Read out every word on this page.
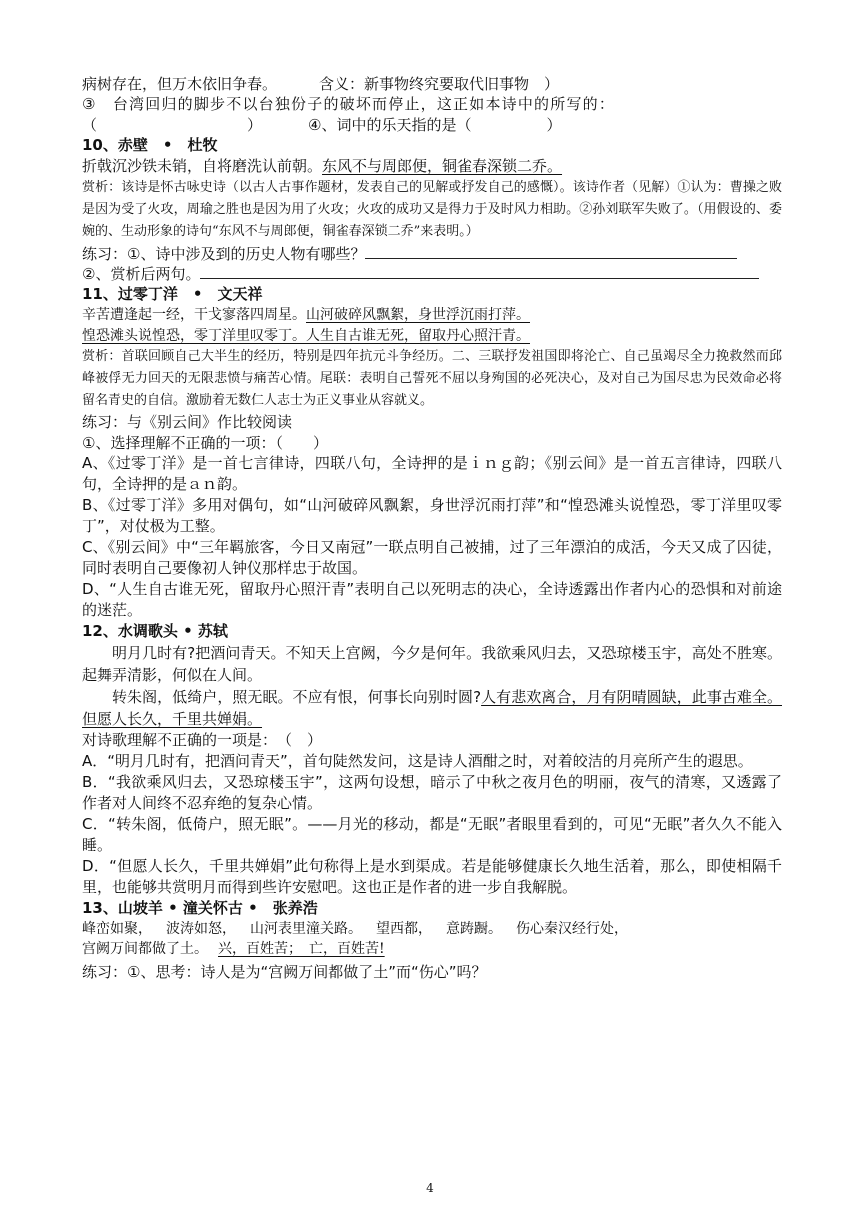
病树存在，但万木依旧争春。	含义：新事物终究要取代旧事物　）

③　台湾回归的脚步不以台独份子的破坏而停止，这正如本诗中的所写的：

（　　　　　　　　　　）	④、词中的乐天指的是（　　　　　）

10、赤壁　•　杜牧

折戟沉沙铁未销，自将磨洗认前朝。东风不与周郎便，铜雀春深锁二乔。

赏析：该诗是怀古咏史诗（以古人古事作题材，发表自己的见解或抒发自己的感慨）。该诗作者（见解）①认为：曹操之败是因为受了火攻，周瑜之胜也是因为用了火攻；火攻的成功又是得力于及时风力相助。②孙刘联军失败了。（用假设的、委婉的、生动形象的诗句“东风不与周郎便，铜雀春深锁二乔”来表明。）

练习：①、诗中涉及到的历史人物有哪些？

②、赏析后两句。

11、过零丁洋　•　文天祥

辛苦遭逢起一经，干戈寥落四周星。山河破碎风飘絮，身世浮沉雨打萍。

惶恐滩头说惶恐，零丁洋里叹零丁。人生自古谁无死，留取丹心照汗青。

赏析：首联回顾自己大半生的经历，特别是四年抗元斗争经历。二、三联抒发祖国即将沦亡、自己虽竭尽全力挽救然而邱峰被俘无力回天的无限悲愤与痛苦心情。尾联：表明自己誓死不屈以身殉国的必死决心，及对自己为国尽忠为民效命必将留名青史的自信。激励着无数仁人志士为正义事业从容就义。

练习：与《别云间》作比较阅读

①、选择理解不正确的一项：（　　）

A、《过零丁洋》是一首七言律诗，四联八句，全诗押的是ｉｎｇ韵；《别云间》是一首五言律诗，四联八句，全诗押的是ａｎ韵。

B、《过零丁洋》多用对偶句，如“山河破碎风飘絮，身世浮沉雨打萍”和“惶恐滩头说惶恐，零丁洋里叹零丁”，对仗极为工整。

C、《别云间》中“三年羁旅客，今日又南冠”一联点明自己被捕，过了三年漂泊的成活，今天又成了囚徒，同时表明自己要像初人钟仪那样忠于故国。

D、“人生自古谁无死，留取丹心照汗青”表明自己以死明志的决心，全诗透露出作者内心的恐惧和对前途的迷茫。

12、水调歌头 • 苏轼

明月几时有?把酒问青天。不知天上宫阙，今夕是何年。我欲乘风归去，又恐琼楼玉宇，高处不胜寒。起舞弄清影，何似在人间。

转朱阁，低绮户，照无眠。不应有恨，何事长向别时圆?人有悲欢离合，月有阴晴圆缺，此事古难全。但愿人长久，千里共婵娟。

对诗歌理解不正确的一项是：　（　）

A．“明月几时有，把酒问青天”，首句陡然发问，这是诗人酒酣之时，对着皎洁的月亮所产生的遐思。

B．“我欲乘风归去，又恐琼楼玉宇”，这两句设想，暗示了中秋之夜月色的明丽，夜气的清寒，又透露了作者对人间终不忍弃绝的复杂心情。

C．“转朱阁，低倚户，照无眠”。——月光的移动，都是“无眠”者眼里看到的，可见“无眠”者久久不能入睡。

D．“但愿人长久，千里共婵娟”此句称得上是水到渠成。若是能够健康长久地生活着，那么，即使相隔千里，也能够共赏明月而得到些许安慰吧。这也正是作者的进一步自我解脱。

13、山坡羊 • 潼关怀古 •　张养浩

峰峦如聚， 波涛如怒， 山河表里潼关路。 望西都， 意踌蹰。 伤心秦汉经行处，

宫阙万间都做了土。 兴，百姓苦；　亡，百姓苦!

练习：①、思考：诗人是为“宫阙万间都做了土”而“伤心”吗？

4
